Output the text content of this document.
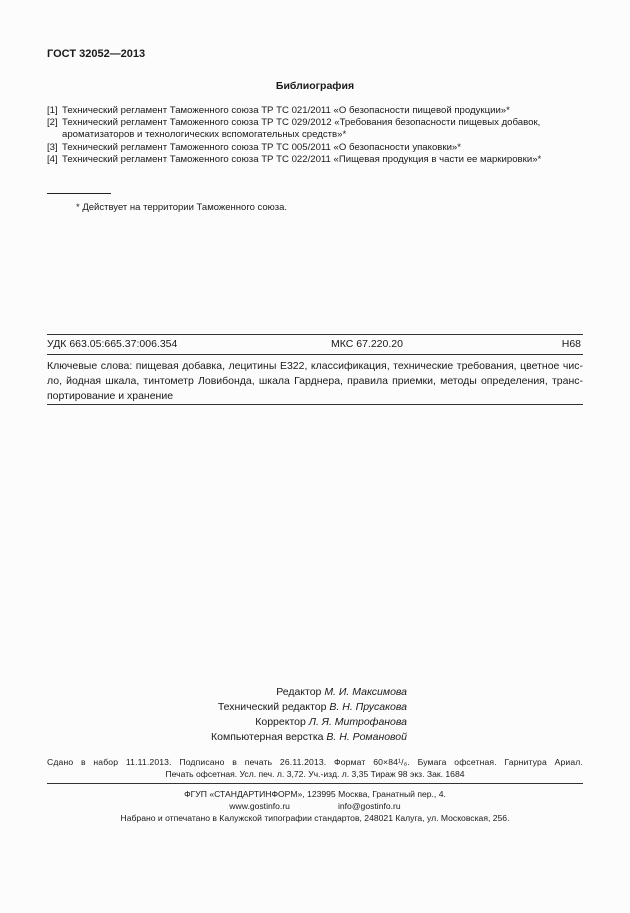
ГОСТ 32052—2013
Библиография
[1] Технический регламент Таможенного союза ТР ТС 021/2011 «О безопасности пищевой продукции»*
[2] Технический регламент Таможенного союза ТР ТС 029/2012 «Требования безопасности пищевых добавок,
ароматизаторов и технологических вспомогательных средств»*
[3] Технический регламент Таможенного союза ТР ТС 005/2011 «О безопасности упаковки»*
[4] Технический регламент Таможенного союза ТР ТС 022/2011 «Пищевая продукция в части ее маркировки»*
* Действует на территории Таможенного союза.
УДК 663.05:665.37:006.354	МКС 67.220.20	Н68
Ключевые слова: пищевая добавка, лецитины Е322, классификация, технические требования, цветное чис-
ло, йодная шкала, тинтометр Ловибонда, шкала Гарднера, правила приемки, методы определения, транс-
портирование и хранение
Редактор М. И. Максимова
Технический редактор В. Н. Прусакова
Корректор Л. Я. Митрофанова
Компьютерная верстка В. Н. Романовой
Сдано в набор 11.11.2013. Подписано в печать 26.11.2013. Формат 60×84¹/₈. Бумага офсетная. Гарнитура Ариал.
Печать офсетная. Усл. печ. л. 3,72. Уч.-изд. л. 3,35 Тираж 98 экз. Зак. 1684
ФГУП «СТАНДАРТИНФОРМ», 123995 Москва, Гранатный пер., 4.
www.gostinfo.ru	info@gostinfo.ru
Набрано и отпечатано в Калужской типографии стандартов, 248021 Калуга, ул. Московская, 256.
